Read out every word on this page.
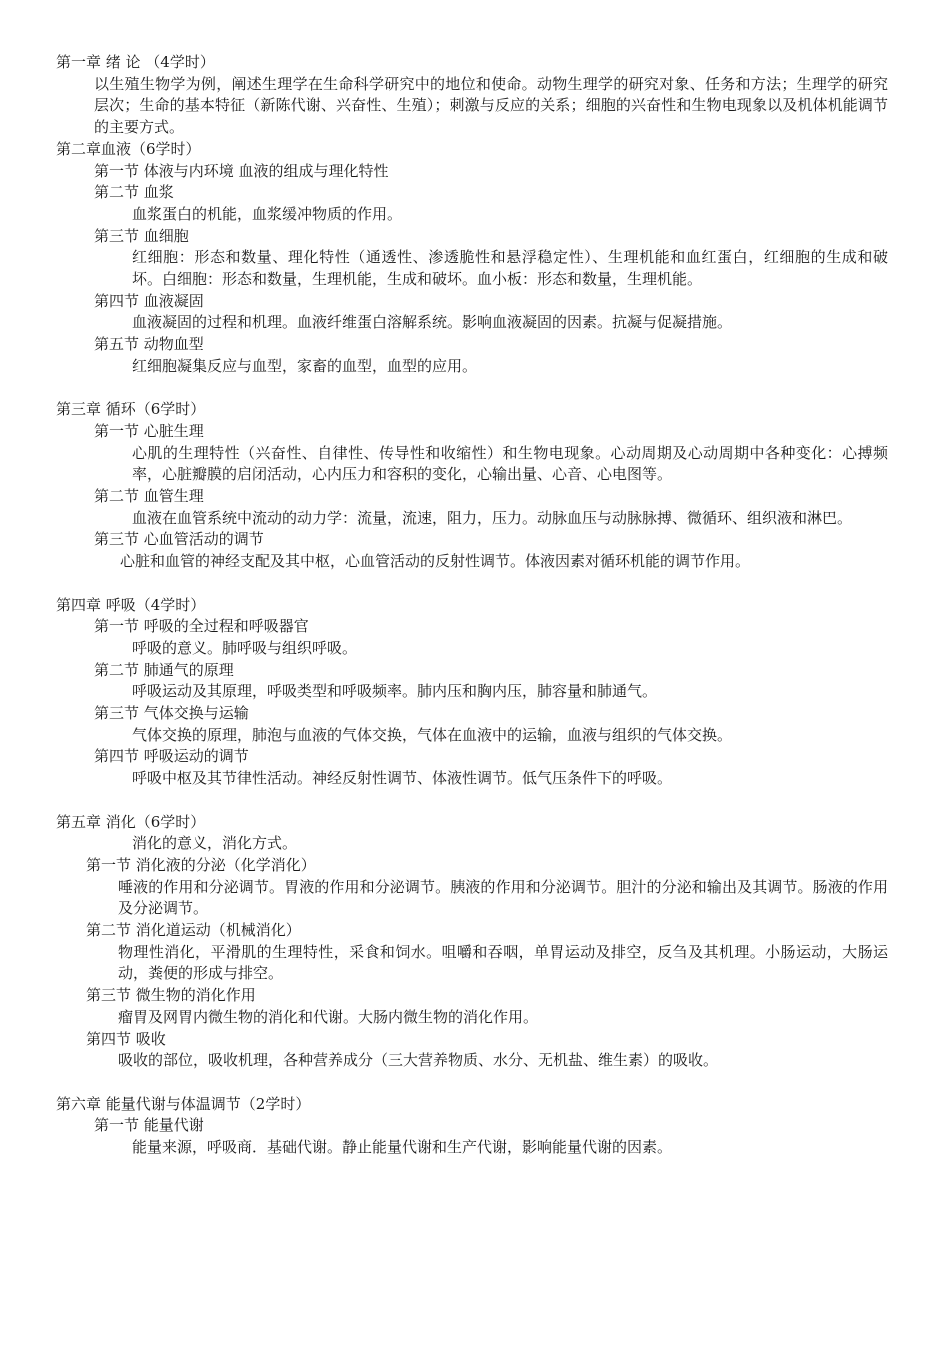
第一章 绪 论 （4学时）
以生殖生物学为例，阐述生理学在生命科学研究中的地位和使命。动物生理学的研究对象、任务和方法；生理学的研究层次；生命的基本特征（新陈代谢、兴奋性、生殖）；刺激与反应的关系；细胞的兴奋性和生物电现象以及机体机能调节的主要方式。
第二章血液（6学时）
第一节 体液与内环境 血液的组成与理化特性
第二节 血浆
血浆蛋白的机能，血浆缓冲物质的作用。
第三节 血细胞
红细胞：形态和数量、理化特性（通透性、渗透脆性和悬浮稳定性）、生理机能和血红蛋白，红细胞的生成和破坏。白细胞：形态和数量，生理机能，生成和破坏。血小板：形态和数量，生理机能。
第四节 血液凝固
血液凝固的过程和机理。血液纤维蛋白溶解系统。影响血液凝固的因素。抗凝与促凝措施。
第五节 动物血型
红细胞凝集反应与血型，家畜的血型，血型的应用。
第三章 循环（6学时）
第一节 心脏生理
心肌的生理特性（兴奋性、自律性、传导性和收缩性）和生物电现象。心动周期及心动周期中各种变化：心搏频率，心脏瓣膜的启闭活动，心内压力和容积的变化，心输出量、心音、心电图等。
第二节 血管生理
血液在血管系统中流动的动力学：流量，流速，阻力，压力。动脉血压与动脉脉搏、微循环、组织液和淋巴。
第三节 心血管活动的调节
心脏和血管的神经支配及其中枢，心血管活动的反射性调节。体液因素对循环机能的调节作用。
第四章 呼吸（4学时）
第一节 呼吸的全过程和呼吸器官
呼吸的意义。肺呼吸与组织呼吸。
第二节 肺通气的原理
呼吸运动及其原理，呼吸类型和呼吸频率。肺内压和胸内压，肺容量和肺通气。
第三节 气体交换与运输
气体交换的原理，肺泡与血液的气体交换，气体在血液中的运输，血液与组织的气体交换。
第四节 呼吸运动的调节
呼吸中枢及其节律性活动。神经反射性调节、体液性调节。低气压条件下的呼吸。
第五章 消化（6学时）
消化的意义，消化方式。
第一节 消化液的分泌（化学消化）
唾液的作用和分泌调节。胃液的作用和分泌调节。胰液的作用和分泌调节。胆汁的分泌和输出及其调节。肠液的作用及分泌调节。
第二节 消化道运动（机械消化）
物理性消化，平滑肌的生理特性，采食和饲水。咀嚼和吞咽，单胃运动及排空，反刍及其机理。小肠运动，大肠运动，粪便的形成与排空。
第三节 微生物的消化作用
瘤胃及网胃内微生物的消化和代谢。大肠内微生物的消化作用。
第四节 吸收
吸收的部位，吸收机理，各种营养成分（三大营养物质、水分、无机盐、维生素）的吸收。
第六章 能量代谢与体温调节（2学时）
第一节 能量代谢
能量来源，呼吸商．基础代谢。静止能量代谢和生产代谢，影响能量代谢的因素。
